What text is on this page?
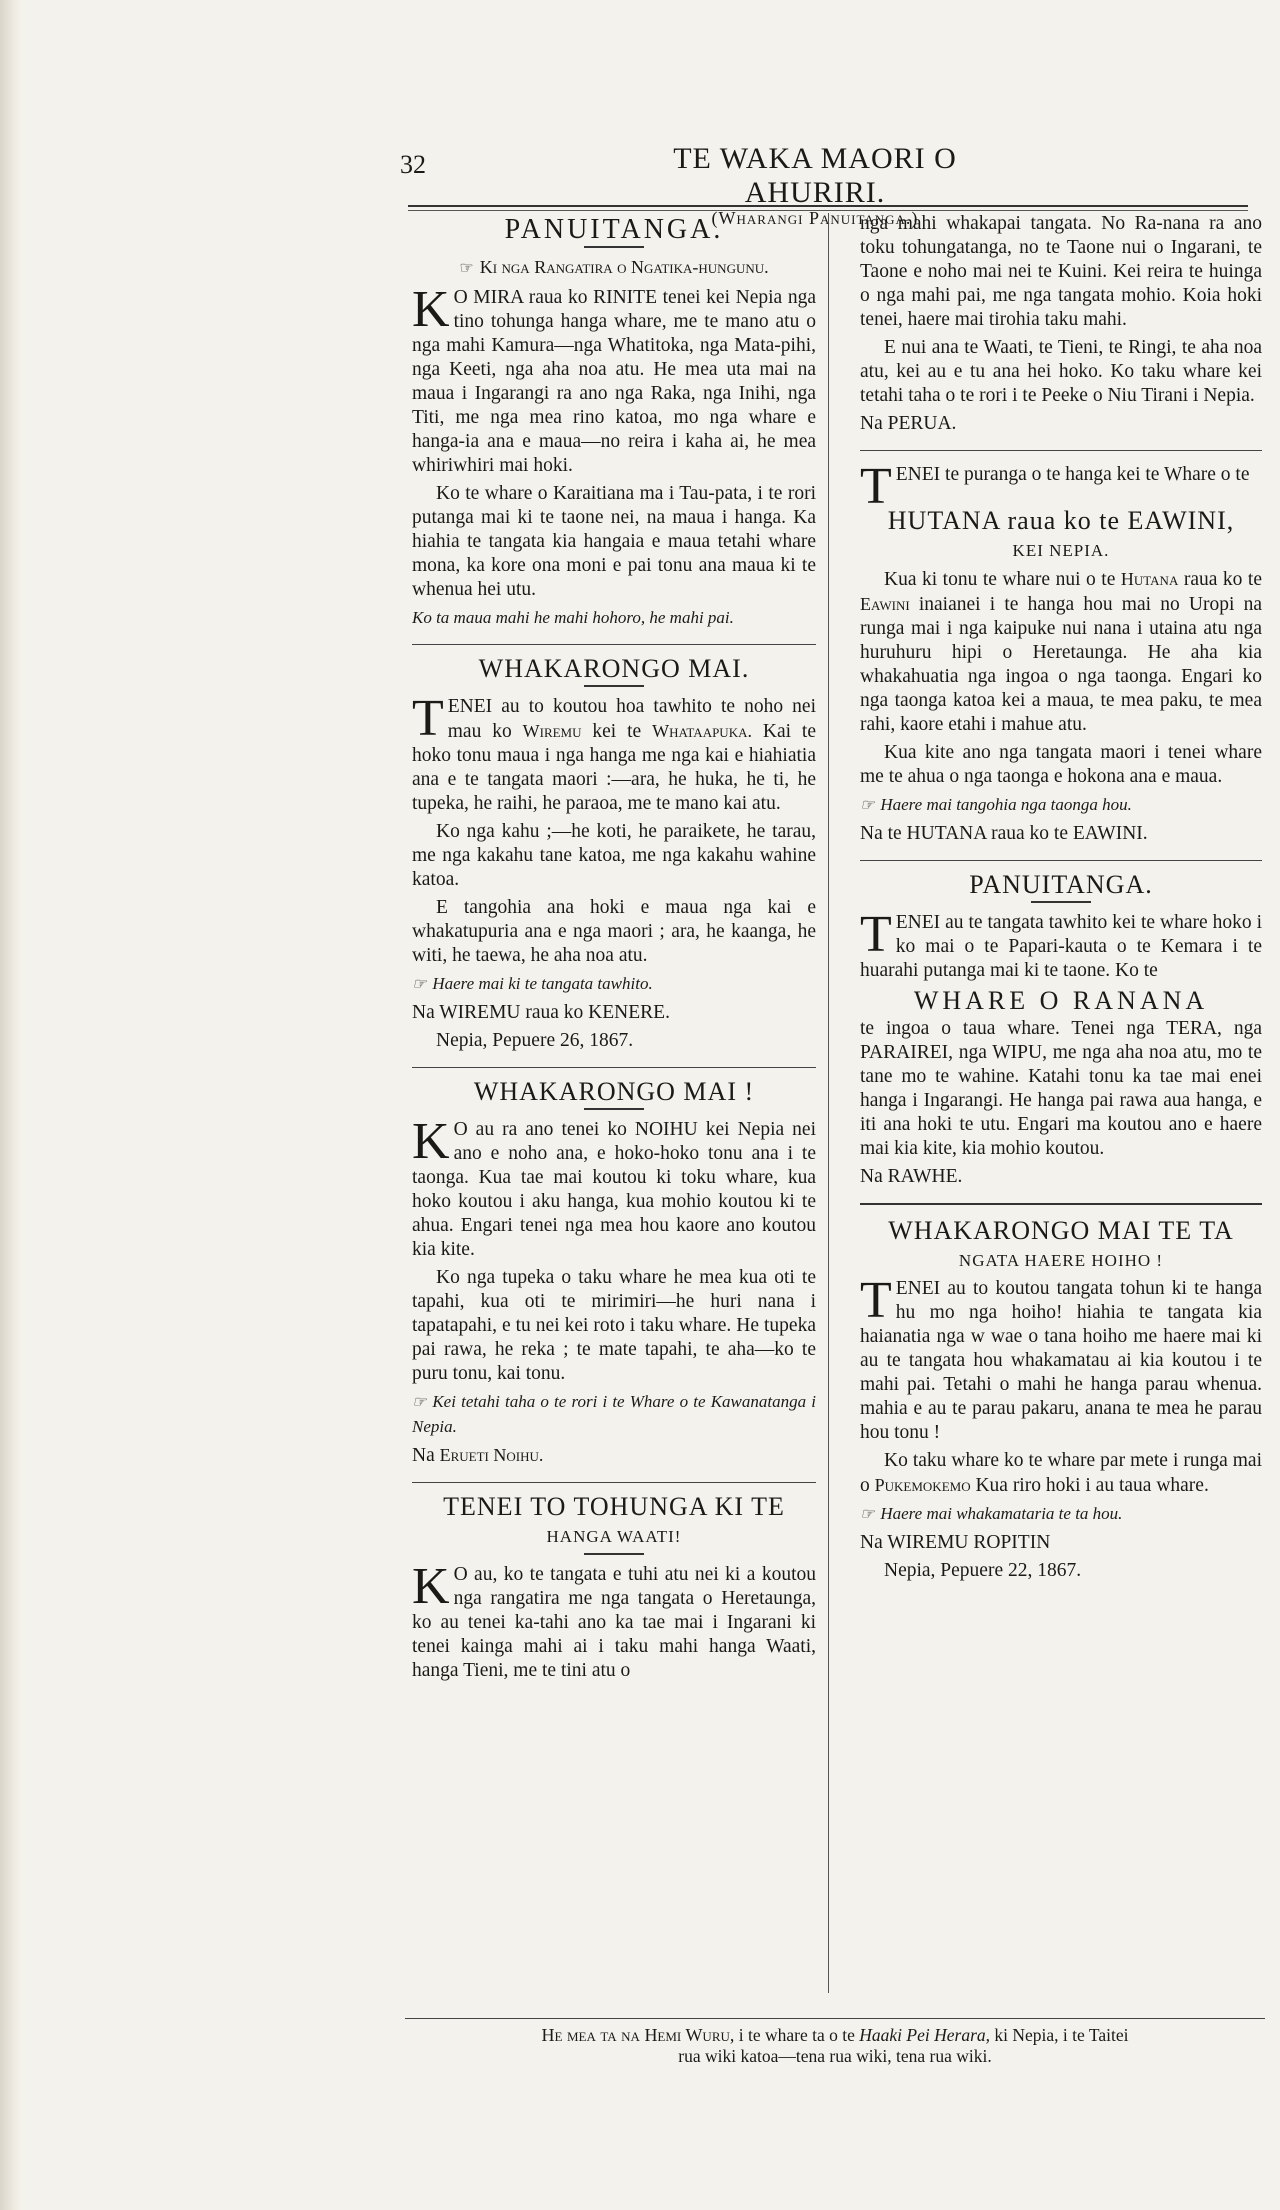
32	TE WAKA MAORI O AHURIRI.
(Wharangi Panuitanga.)
PANUITANGA.
☞ Ki nga Rangatira o Ngatika-hungunu.

K O MIRA raua ko RINITE tenei kei Nepia nga tino tohunga hanga whare, me te mano atu o nga mahi Kamura—nga Whatitoka, nga Mata-pihi, nga Keeti, nga aha noa atu. He mea uta mai na maua i Ingarangi ra ano nga Raka, nga Inihi, nga Titi, me nga mea rino katoa, mo nga whare e hanga-ia ana e maua—no reira i kaha ai, he mea whiriwhiri mai hoki.

Ko te whare o Karaitiana ma i Tau-pata, i te rori putanga mai ki te taone nei, na maua i hanga. Ka hiahia te tangata kia hangaia e maua tetahi whare mona, ka kore ona moni e pai tonu ana maua ki te whenua hei utu.

Ko ta maua mahi he mahi hohoro, he mahi pai.

WHAKARONGO MAI.

TENEI au to koutou hoa tawhito te noho nei mau ko Wiremu kei te Whataapuka. Kai te hoko tonu maua i nga hanga me nga kai e hiahiatia ana e te tangata maori :—ara, he huka, he ti, he tupeka, he raihi, he paraoa, me te mano kai atu.

Ko nga kahu ;—he koti, he paraikete, he tarau, me nga kakahu tane katoa, me nga kakahu wahine katoa.

E tangohia ana hoki e maua nga kai e whakatupuria ana e nga maori ; ara, he kaanga, he witi, he taewa, he aha noa atu.

☞ Haere mai ki te tangata tawhito.

Na WIREMU raua ko KENERE.

Nepia, Pepuere 26, 1867.

WHAKARONGO MAI !

K O au ra ano tenei ko NOIHU kei Nepia nei ano e noho ana, e hoko-hoko tonu ana i te taonga. Kua tae mai koutou ki toku whare, kua hoko koutou i aku hanga, kua mohio koutou ki te ahua. Engari tenei nga mea hou kaore ano koutou kia kite.

Ko nga tupeka o taku whare he mea kua oti te tapahi, kua oti te mirimiri—he huri nana i tapatapahi, e tu nei kei roto i taku whare. He tupeka pai rawa, he reka ; te mate tapahi, te aha—ko te puru tonu, kai tonu.

☞ Kei tetahi taha o te rori i te Whare o te Kawanatanga i Nepia.

Na Erueti Noihu.

TENEI TO TOHUNGA KI TE
HANGA WAATI!

K O au, ko te tangata e tuhi atu nei ki a koutou nga rangatira me nga tangata o Heretaunga, ko au tenei ka-tahi ano ka tae mai i Ingarani ki tenei kainga mahi ai i taku mahi hanga Waati, hanga Tieni, me te tini atu o

nga mahi whakapai tangata. No Ra-nana ra ano toku tohungatanga, no te Taone nui o Ingarani, te Taone e noho mai nei te Kuini. Kei reira te huinga o nga mahi pai, me nga tangata mohio. Koia hoki tenei, haere mai tirohia taku mahi.

E nui ana te Waati, te Tieni, te Ringi, te aha noa atu, kei au e tu ana hei hoko. Ko taku whare kei tetahi taha o te rori i te Peeke o Niu Tirani i Nepia.

Na PERUA.

TENEI te puranga o te hanga kei te Whare o te

HUTANA raua ko te EAWINI,
KEI NEPIA.

Kua ki tonu te whare nui o te Hutana raua ko te Eawini inaianei i te hanga hou mai no Uropi na runga mai i nga kaipuke nui nana i utaina atu nga huruhuru hipi o Heretaunga. He aha kia whakahuatia nga ingoa o nga taonga. Engari ko nga taonga katoa kei a maua, te mea paku, te mea rahi, kaore etahi i mahue atu.

Kua kite ano nga tangata maori i tenei whare me te ahua o nga taonga e hokona ana e maua.

☞ Haere mai tangohia nga taonga hou.

Na te HUTANA raua ko te EAWINI.

PANUITANGA.

TENEI au te tangata tawhito kei te whare hoko i ko mai o te Papari-kauta o te Kemara i te huarahi putanga mai ki te taone. Ko te

WHARE O RANANA

te ingoa o taua whare. Tenei nga TERA, nga PARAIREI, nga WIPU, me nga aha noa atu, mo te tane mo te wahine. Katahi tonu ka tae mai enei hanga i Ingarangi. He hanga pai rawa aua hanga, e iti ana hoki te utu. Engari ma koutou ano e haere mai kia kite, kia mohio koutou.

Na RAWHE.

WHAKARONGO MAI TE TA
NGATA HAERE HOIHO !

TENEI au to koutou tangata tohun ki te hanga hu mo nga hoiho! hiahia te tangata kia haianatia nga w wae o tana hoiho me haere mai ki au te tangata hou whakamatau ai kia koutou i te mahi pai. Tetahi o mahi he hanga parau whenua. mahia e au te parau pakaru, anana te mea he parau hou tonu !

Ko taku whare ko te whare par mete i runga mai o Pukemokemo Kua riro hoki i au taua whare.

☞ Haere mai whakamataria te ta hou.

Na WIREMU ROPITIN

Nepia, Pepuere 22, 1867.

He mea ta na Hemi Wuru, i te whare ta o te Haaki Pei Herara, ki Nepia, i te Taitei
rua wiki katoa—tena rua wiki, tena rua wiki.
